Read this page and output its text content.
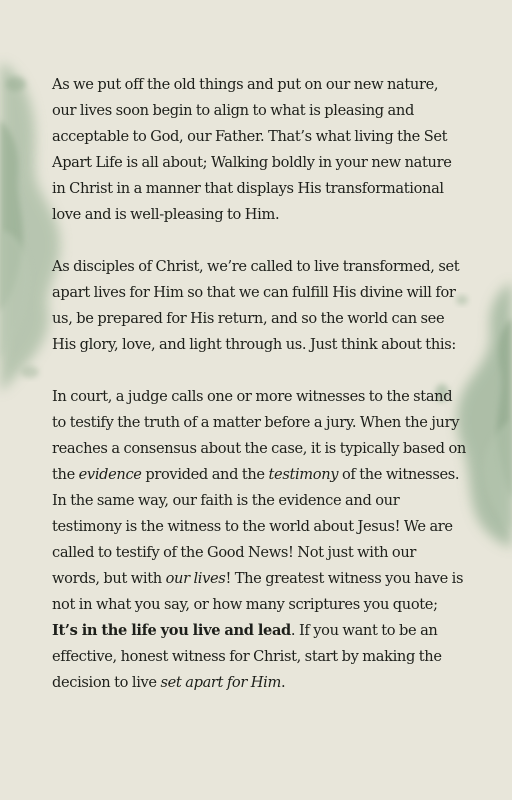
As we put off the old things and put on our new nature, our lives soon begin to align to what is pleasing and acceptable to God, our Father. That’s what living the Set Apart Life is all about; Walking boldly in your new nature in Christ in a manner that displays His transformational love and is well-pleasing to Him.

As disciples of Christ, we’re called to live transformed, set apart lives for Him so that we can fulfill His divine will for us, be prepared for His return, and so the world can see His glory, love, and light through us. Just think about this:

In court, a judge calls one or more witnesses to the stand to testify the truth of a matter before a jury. When the jury reaches a consensus about the case, it is typically based on the evidence provided and the testimony of the witnesses. In the same way, our faith is the evidence and our testimony is the witness to the world about Jesus! We are called to testify of the Good News! Not just with our words, but with our lives! The greatest witness you have is not in what you say, or how many scriptures you quote; It’s in the life you live and lead. If you want to be an effective, honest witness for Christ, start by making the decision to live set apart for Him.
